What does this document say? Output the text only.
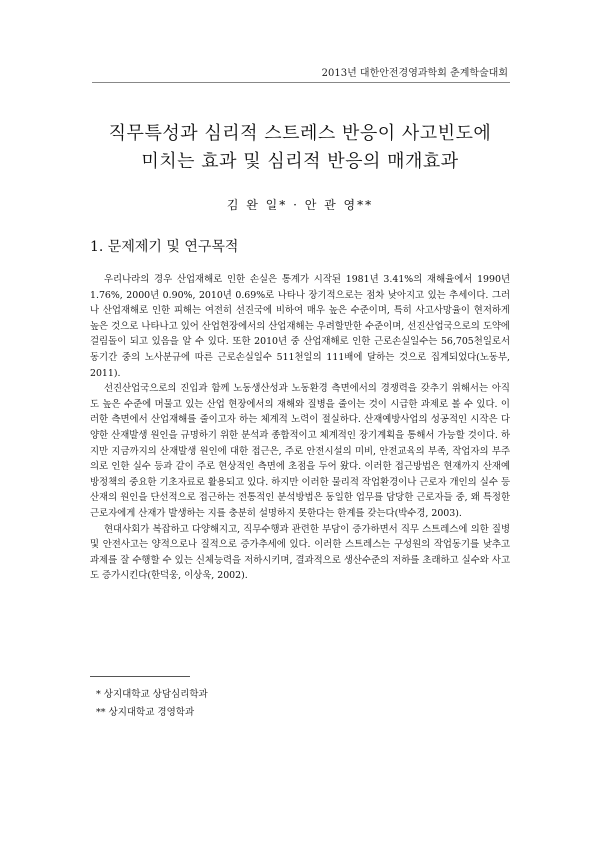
2013년 대한안전경영과학회 춘계학술대회
직무특성과 심리적 스트레스 반응이 사고빈도에
미치는 효과 및 심리적 반응의 매개효과
김 완 일* · 안 관 영**
1. 문제제기 및 연구목적

우리나라의 경우 산업재해로 인한 손실은 통계가 시작된 1981년 3.41%의 재해율에서 1990년 1.76%, 2000년 0.90%, 2010년 0.69%로 나타나 장기적으로는 점차 낮아지고 있는 추세이다. 그러나 산업재해로 인한 피해는 여전히 선진국에 비하여 매우 높은 수준이며, 특히 사고사망율이 현저하게 높은 것으로 나타나고 있어 산업현장에서의 산업재해는 우려할만한 수준이며, 선진산업국으로의 도약에 걸림돌이 되고 있음을 알 수 있다. 또한 2010년 중 산업재해로 인한 근로손실일수는 56,705천일로서 동기간 중의 노사분규에 따른 근로손실일수 511천일의 111배에 달하는 것으로 집계되었다(노동부, 2011).

선진산업국으로의 진입과 함께 노동생산성과 노동환경 측면에서의 경쟁력을 갖추기 위해서는 아직도 높은 수준에 머물고 있는 산업 현장에서의 재해와 질병을 줄이는 것이 시급한 과제로 볼 수 있다. 이러한 측면에서 산업재해를 줄이고자 하는 체계적 노력이 절실하다. 산재예방사업의 성공적인 시작은 다양한 산재발생 원인을 규명하기 위한 분석과 종합적이고 체계적인 장기계획을 통해서 가능할 것이다. 하지만 지금까지의 산재발생 원인에 대한 접근은, 주로 안전시설의 미비, 안전교육의 부족, 작업자의 부주의로 인한 실수 등과 같이 주로 현상적인 측면에 초점을 두어 왔다. 이러한 접근방법은 현재까지 산재예방정책의 중요한 기초자료로 활용되고 있다. 하지만 이러한 물리적 작업환경이나 근로자 개인의 실수 등 산재의 원인을 단선적으로 접근하는 전통적인 분석방법은 동일한 업무를 담당한 근로자들 중, 왜 특정한 근로자에게 산재가 발생하는 지를 충분히 설명하지 못한다는 한계를 갖는다(박수경, 2003).

현대사회가 복잡하고 다양해지고, 직무수행과 관련한 부담이 증가하면서 직무 스트레스에 의한 질병 및 안전사고는 양적으로나 질적으로 증가추세에 있다. 이러한 스트레스는 구성원의 작업동기를 낮추고 과제를 잘 수행할 수 있는 신체능력을 저하시키며, 결과적으로 생산수준의 저하를 초래하고 실수와 사고도 증가시킨다(한덕웅, 이상욱, 2002).

* 상지대학교 상담심리학과
** 상지대학교 경영학과
